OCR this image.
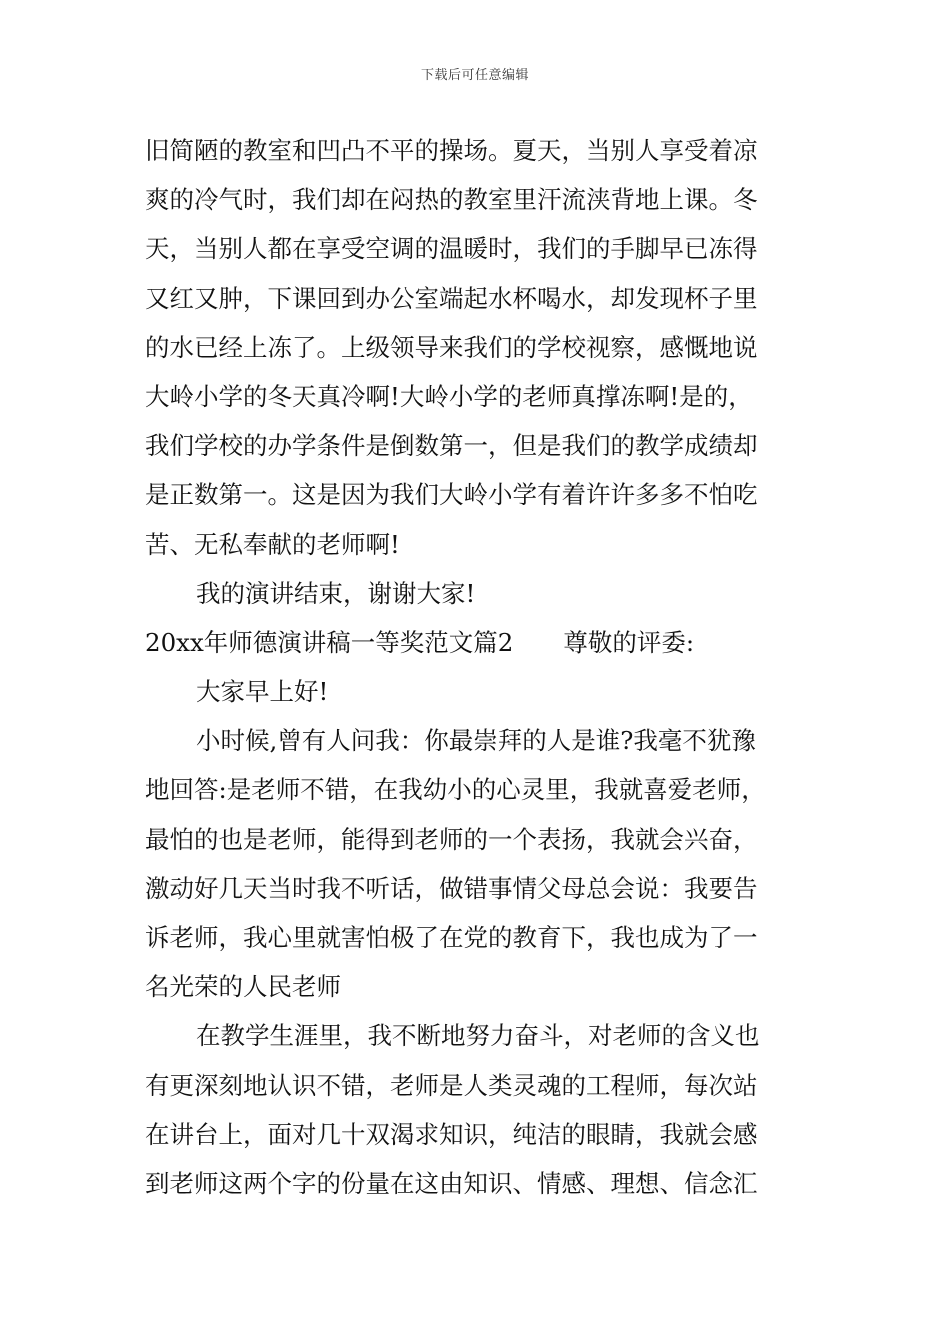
下载后可任意编辑
旧简陋的教室和凹凸不平的操场。夏天，当别人享受着凉
爽的冷气时，我们却在闷热的教室里汗流浃背地上课。冬
天，当别人都在享受空调的温暖时，我们的手脚早已冻得
又红又肿，下课回到办公室端起水杯喝水，却发现杯子里
的水已经上冻了。上级领导来我们的学校视察，感慨地说
大岭小学的冬天真冷啊!大岭小学的老师真撑冻啊!是的，
我们学校的办学条件是倒数第一，但是我们的教学成绩却
是正数第一。这是因为我们大岭小学有着许许多多不怕吃
苦、无私奉献的老师啊!
我的演讲结束，谢谢大家!
20xx年师德演讲稿一等奖范文篇2 尊敬的评委:
大家早上好!
小时候,曾有人问我：你最崇拜的人是谁?我毫不犹豫
地回答:是老师不错，在我幼小的心灵里，我就喜爱老师，
最怕的也是老师，能得到老师的一个表扬，我就会兴奋，
激动好几天当时我不听话，做错事情父母总会说：我要告
诉老师，我心里就害怕极了在党的教育下，我也成为了一
名光荣的人民老师
在教学生涯里，我不断地努力奋斗，对老师的含义也
有更深刻地认识不错，老师是人类灵魂的工程师，每次站
在讲台上，面对几十双渴求知识，纯洁的眼睛，我就会感
到老师这两个字的份量在这由知识、情感、理想、信念汇
